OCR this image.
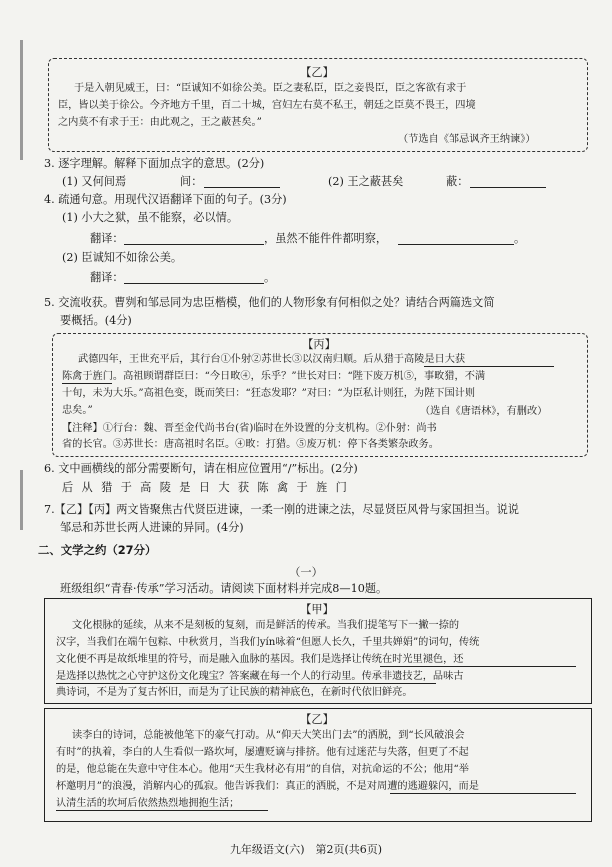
【乙】
于是入朝见威王，曰：“臣诚知不如徐公美。臣之妻私臣，臣之妾畏臣，臣之客欲有求于
臣，皆以美于徐公。今齐地方千里，百二十城，宫妇左右莫不私王，朝廷之臣莫不畏王，四境
之内莫不有求于王：由此观之，王之蔽甚矣。”
（节选自《邹忌讽齐王纳谏》）
3. 逐字理解。解释下面加点字的意思。(2分)
(1) 又何间焉	间：	(2) 王之蔽甚矣	蔽：
4. 疏通句意。用现代汉语翻译下面的句子。(3分)
(1) 小大之狱，虽不能察，必以情。
翻译：	，虽然不能件件都明察，	。
(2) 臣诚知不如徐公美。
翻译：	。
5. 交流收获。曹刿和邹忌同为忠臣楷模，他们的人物形象有何相似之处？请结合两篇选文简
要概括。(4分)
【丙】
武德四年，王世充平后，其行台①仆射②苏世长③以汉南归顺。后从猎于高陵是日大获
陈禽于旌门。高祖顾谓群臣曰：“今日畋④，乐乎？”世长对曰：“陛下废万机⑤，事畋猎，不满
十旬，未为大乐。”高祖色变，既而笑曰：“狂态发耶？”对曰：“为臣私计则狂，为陛下国计则
忠矣。”	（选自《唐语林》，有删改）
【注释】①行台：魏、晋至金代尚书台(省)临时在外设置的分支机构。②仆射：尚书
省的长官。③苏世长：唐高祖时名臣。④畋：打猎。⑤废万机：停下各类繁杂政务。
6. 文中画横线的部分需要断句，请在相应位置用“/”标出。(2分)
后 从 猎 于 高 陵 是 日 大 获 陈 禽 于 旌 门
7.【乙】【丙】两文皆聚焦古代贤臣进谏，一柔一刚的进谏之法，尽显贤臣风骨与家国担当。说说
邹忌和苏世长两人进谏的异同。(4分)
二、文学之约（27分）
（一）
班级组织“青春·传承”学习活动。请阅读下面材料并完成8—10题。
【甲】
文化根脉的延续，从来不是刻板的复刻，而是鲜活的传承。当我们提笔写下一撇一捺的
汉字，当我们在端午包粽、中秋赏月，当我们yín咏着“但愿人长久，千里共婵娟”的词句，传统
文化便不再是故纸堆里的符号，而是融入血脉的基因。我们是选择让传统在时光里褪色，还
是选择以热忱之心守护这份文化瑰宝？答案藏在每一个人的行动里。传承非遗技艺，品味古
典诗词，不是为了复古怀旧，而是为了让民族的精神底色，在新时代依旧鲜亮。
【乙】
读李白的诗词，总能被他笔下的豪气打动。从“仰天大笑出门去”的洒脱，到“长风破浪会
有时”的执着，李白的人生看似一路坎坷，屡遭贬谪与排挤。他有过迷茫与失落，但更了不起
的是，他总能在失意中守住本心。他用“天生我材必有用”的自信，对抗命运的不公；他用“举
杯邀明月”的浪漫，消解内心的孤寂。他告诉我们：真正的洒脱，不是对周遭的逃避躲闪，而是
认清生活的坎坷后依然热烈地拥抱生活；
九年级语文(六)　第2页(共6页)
